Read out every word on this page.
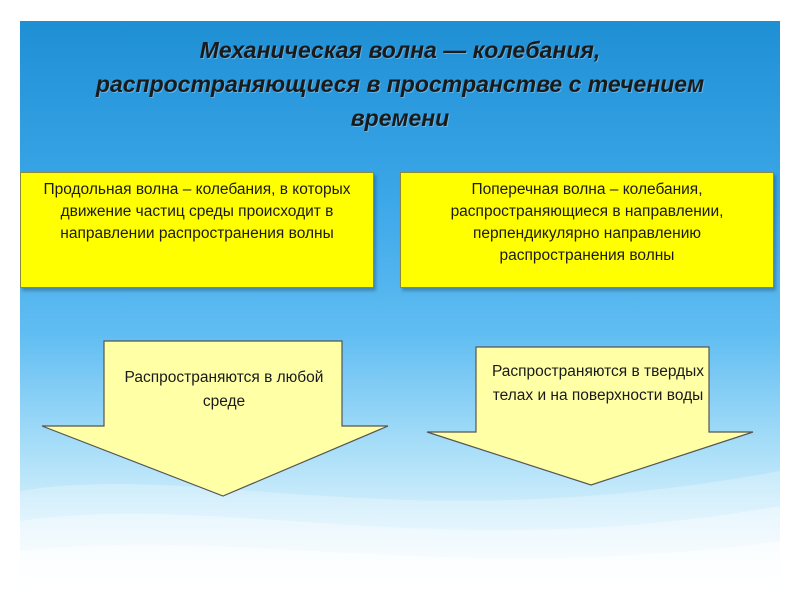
Механическая волна — колебания, распространяющиеся в пространстве с течением времени
Продольная волна – колебания, в которых движение частиц среды происходит в направлении распространения волны
Поперечная волна – колебания, распространяющиеся в направлении, перпендикулярно направлению распространения волны
Распространяются в любой среде
Распространяются в твердых телах и на поверхности воды
